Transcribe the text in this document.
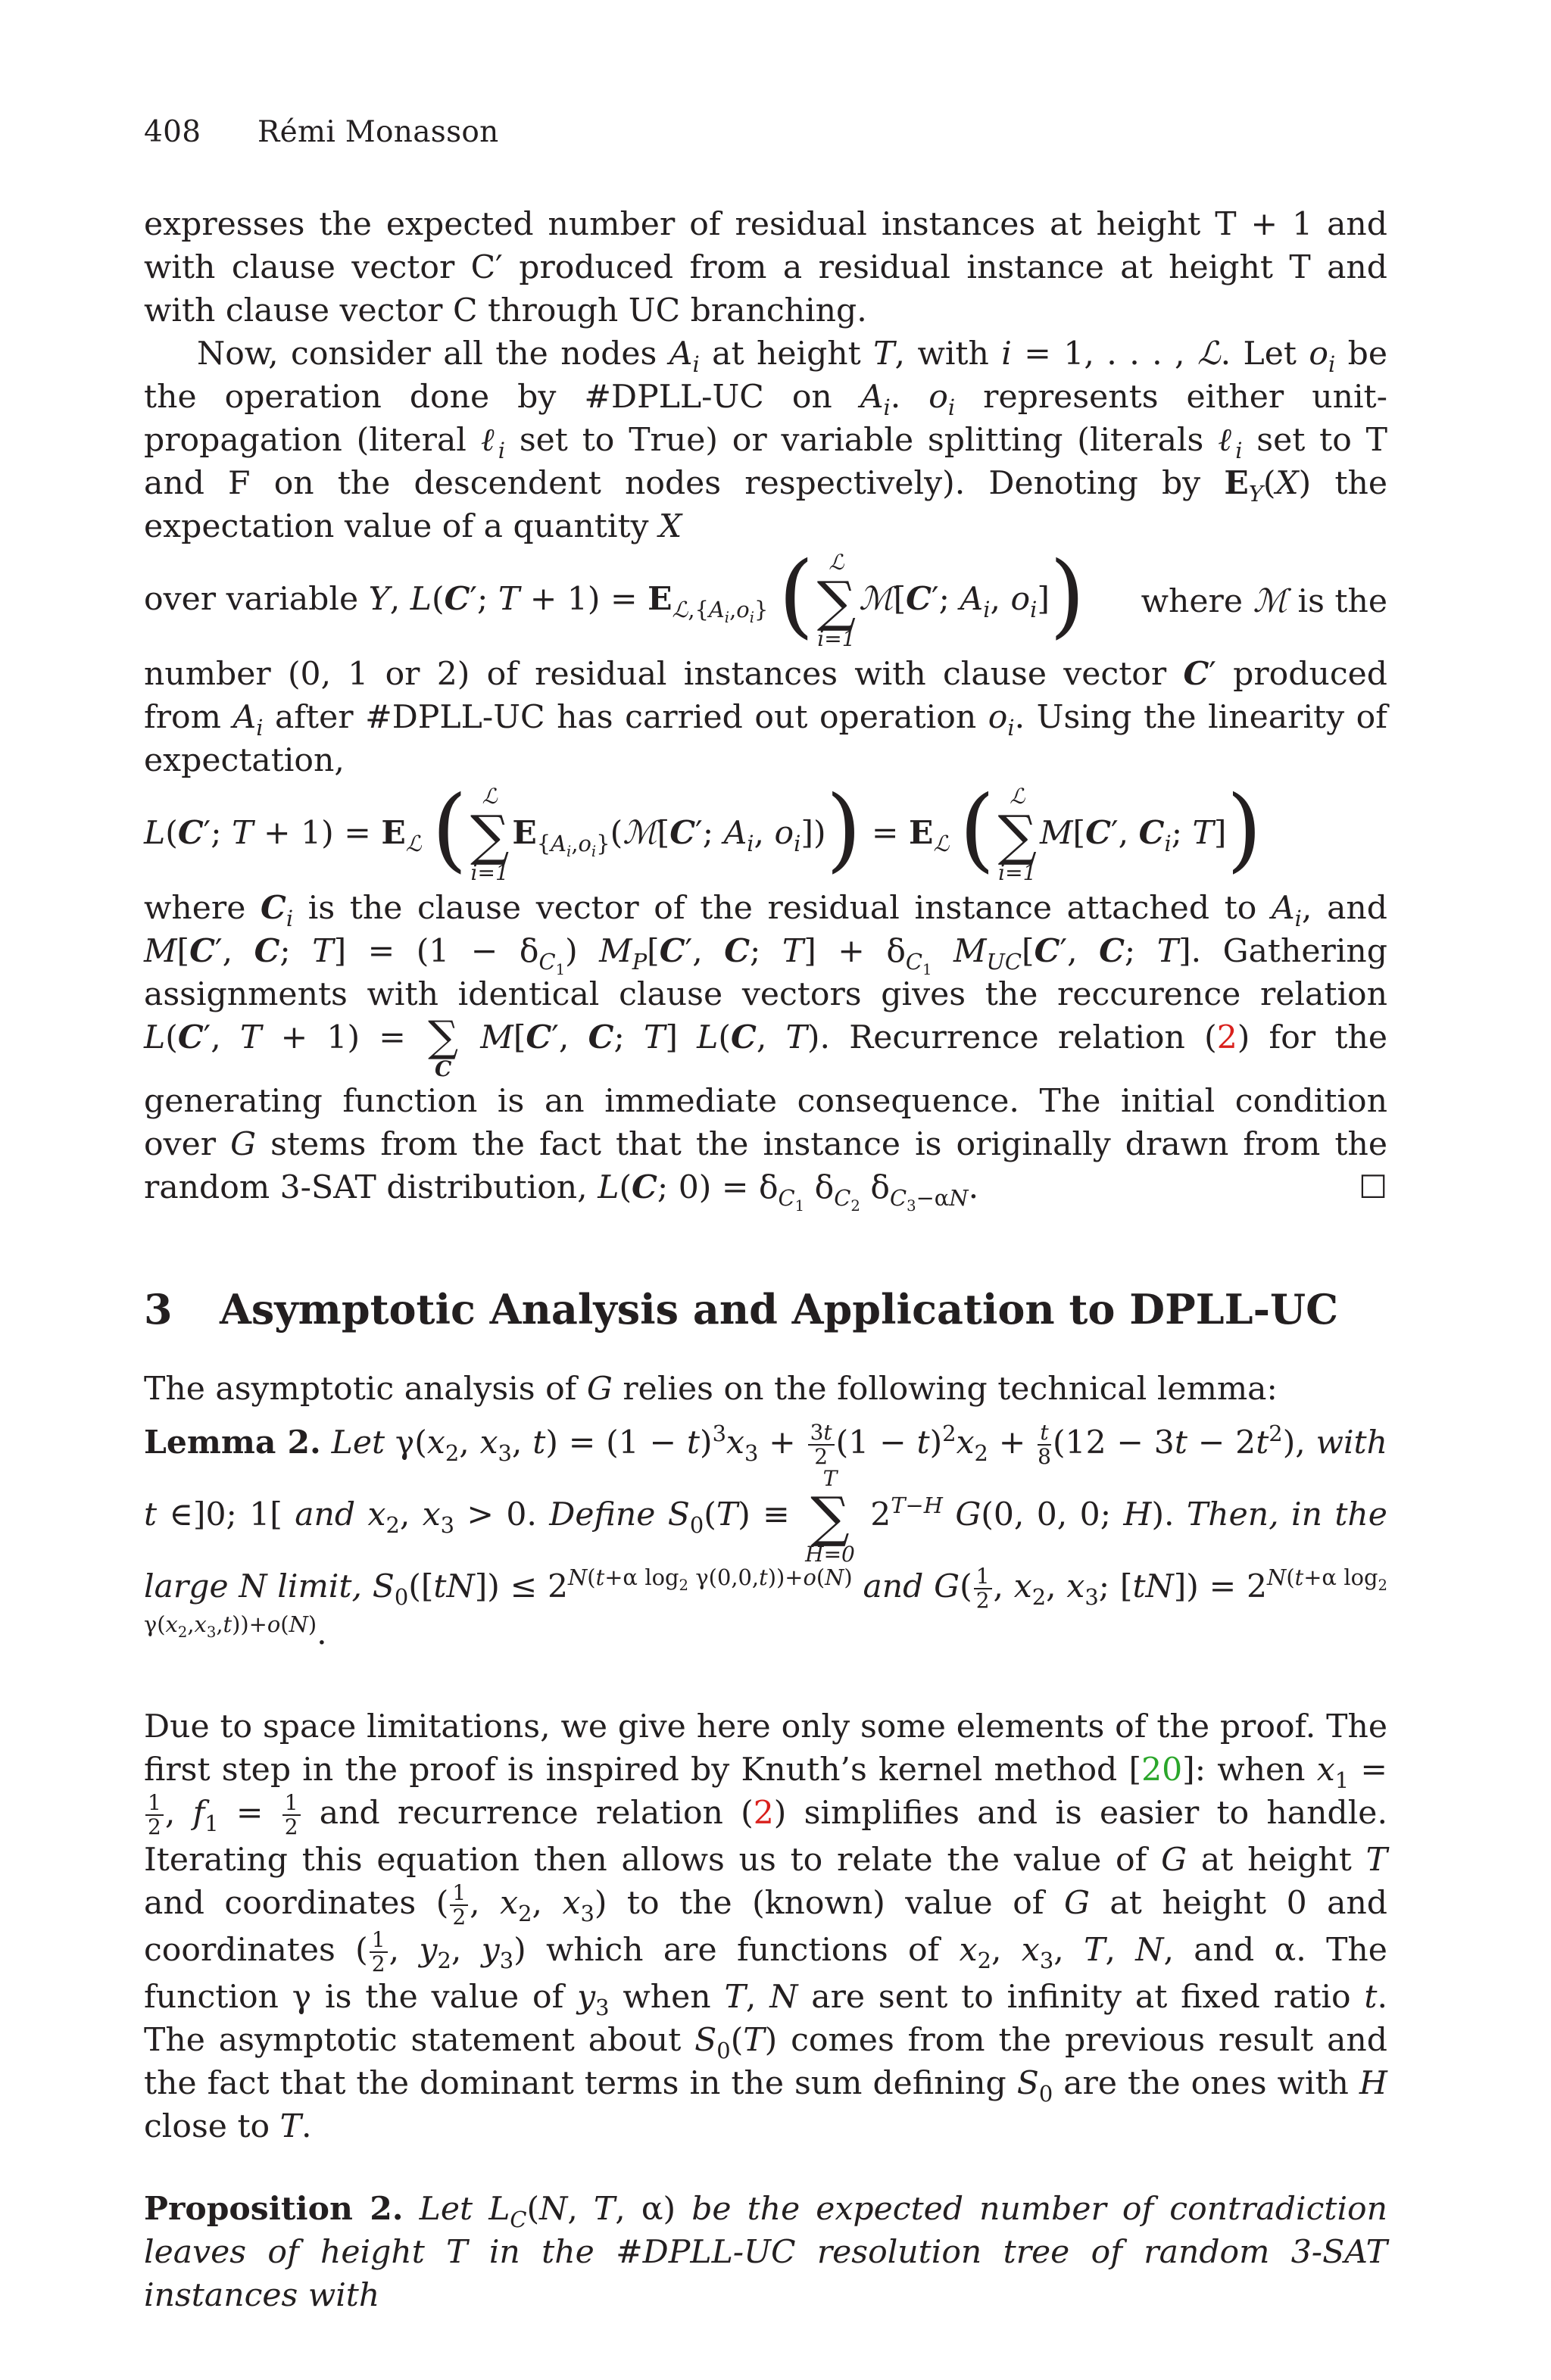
408 Rémi Monasson

expresses the expected number of residual instances at height T + 1 and with clause vector C′ produced from a residual instance at height T and with clause vector C through UC branching.

Now, consider all the nodes $A_i$ at height T, with i = 1, . . . , ℒ. Let $o_i$ be the operation done by #DPLL-UC on $A_i$. $o_i$ represents either unit-propagation (literal ℓ$_i$ set to True) or variable splitting (literals ℓ$_i$ set to T and F on the descendent nodes respectively). Denoting by $E_Y(X)$ the expectation value of a quantity X

over variable Y, L(C′; $T + 1) = E_{ℒ,\{A_i,o_i\}}$ ( ℒ
∑
i=1
ℳ[C′; $A_i$, $o_i$]) where ℳ is the

number (0, 1 or 2) of residual instances with clause vector C′ produced from $A_i$ after #DPLL-UC has carried out operation $o_i$. Using the linearity of expectation,

L(C′; $T + 1) = E_ℒ$ ( ℒ
∑
i=1
$E_{\{A_i,o_i\}}(ℳ[C'$; $A_i$, $o_i])) = E_ℒ$ ( ℒ
∑
i=1
M[C′, $C_i$; T])

where $C_i$ is the clause vector of the residual instance attached to $A_i$, and M[C′, C; $T] = (1 - \delta_{C_1})$ $M_P[C'$, C; $T] + \delta_{C_1}$ $M_{UC}[C'$, C; T]. Gathering assignments with identical clause vectors gives the reccurence relation L(C′, T + 1) = ∑
C
M[C′, C; T] L(C, T). Recurrence relation (2) for the generating function is an immediate consequence. The initial condition over G stems from the fact that the instance is originally drawn from the random 3-SAT distribution, L(C; $0) = \delta_{C_1}$ $\delta_{C_2}$ $\delta_{C_3-\alpha N}$.	□

3 Asymptotic Analysis and Application to DPLL-UC

The asymptotic analysis of G relies on the following technical lemma:

Lemma 2. Let $\gamma(x_2$, $x_3$, $t) = (1 - t)^3x_3 + \frac{3t}{2} (1 - t)^2x_2 + \frac{t}{8} (12 - 3t - 2t^2)$, with t ∈]0; 1[ and $x_2$, $x_3 > 0$. Define $S_0(T)$ ≡
T
∑
H=0
$2^{T-H}$ G(0, 0, 0; H). Then, in the large N limit, $S_0([tN]) \le 2^{N(t+\alpha log_2 \gamma(0,0,t))+o(N)}$ and $G( \frac{1}{2}$ , $x_2$, $x_3$; $[tN]) = 2^{N(t+\alpha log_2 \gamma(x_2,x_3,t))+o(N)}$.

Due to space limitations, we give here only some elements of the proof. The first step in the proof is inspired by Knuth’s kernel method [20]: when $x_1$ =
$\frac{1}{2}$ , $f_1 = \frac{1}{2}$ and recurrence relation (2) simplifies and is easier to handle. Iterating this equation then allows us to relate the value of G at height T and coordinates ( $\frac{1}{2}$ , $x_2$, $x_3$) to the (known) value of G at height 0 and coordinates ( $\frac{1}{2}$ , $y_2$, $y_3$) which are functions of $x_2$, $x_3$, T, N, and α. The function γ is the value of $y_3$ when T, N are sent to infinity at fixed ratio t. The asymptotic statement about $S_0(T)$ comes from the previous result and the fact that the dominant terms in the sum defining $S_0$ are the ones with H close to T.

Proposition 2. Let $L_C(N$, T, α) be the expected number of contradiction leaves of height T in the #DPLL-UC resolution tree of random 3-SAT instances with
